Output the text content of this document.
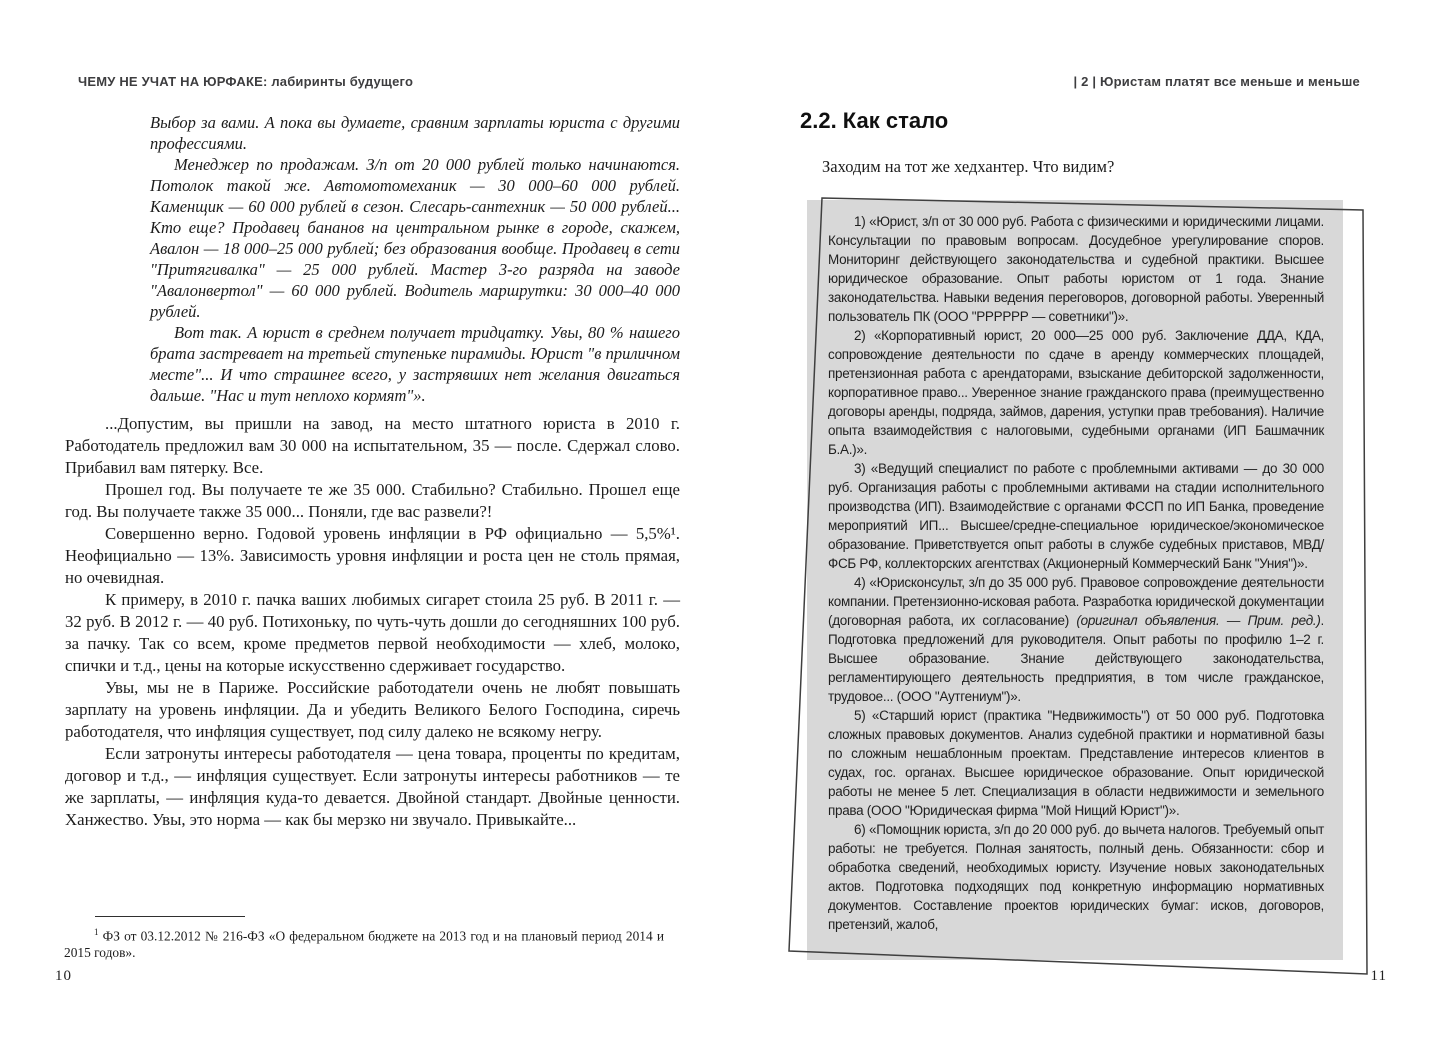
ЧЕМУ НЕ УЧАТ НА ЮРФАКЕ: лабиринты будущего

Выбор за вами. А пока вы думаете, сравним зарплаты юриста с другими профессиями.

Менеджер по продажам. З/п от 20 000 рублей только начинаются. Потолок такой же. Автомотомеханик — 30 000–60 000 рублей. Каменщик — 60 000 рублей в сезон. Слесарь-сантехник — 50 000 рублей... Кто еще? Продавец бананов на центральном рынке в городе, скажем, Авалон — 18 000–25 000 рублей; без образования вообще. Продавец в сети "Притягивалка" — 25 000 рублей. Мастер 3-го разряда на заводе "Авалонвертол" — 60 000 рублей. Водитель маршрутки: 30 000–40 000 рублей.

Вот так. А юрист в среднем получает тридцатку. Увы, 80 % нашего брата застревает на третьей ступеньке пирамиды. Юрист "в приличном месте"... И что страшнее всего, у застрявших нет желания двигаться дальше. "Нас и тут неплохо кормят"».

...Допустим, вы пришли на завод, на место штатного юриста в 2010 г. Работодатель предложил вам 30 000 на испытательном, 35 — после. Сдержал слово. Прибавил вам пятерку. Все.

Прошел год. Вы получаете те же 35 000. Стабильно? Стабильно. Прошел еще год. Вы получаете также 35 000... Поняли, где вас развели?!

Совершенно верно. Годовой уровень инфляции в РФ официально — 5,5%¹. Неофициально — 13%. Зависимость уровня инфляции и роста цен не столь прямая, но очевидная.

К примеру, в 2010 г. пачка ваших любимых сигарет стоила 25 руб. В 2011 г. — 32 руб. В 2012 г. — 40 руб. Потихоньку, по чуть-чуть дошли до сегодняшних 100 руб. за пачку. Так со всем, кроме предметов первой необходимости — хлеб, молоко, спички и т.д., цены на которые искусственно сдерживает государство.

Увы, мы не в Париже. Российские работодатели очень не любят повышать зарплату на уровень инфляции. Да и убедить Великого Белого Господина, сиречь работодателя, что инфляция существует, под силу далеко не всякому негру.

Если затронуты интересы работодателя — цена товара, проценты по кредитам, договор и т.д., — инфляция существует. Если затронуты интересы работников — те же зарплаты, — инфляция куда-то девается. Двойной стандарт. Двойные ценности. Ханжество. Увы, это норма — как бы мерзко ни звучало. Привыкайте...

$^1$ ФЗ от 03.12.2012 № 216-ФЗ «О федеральном бюджете на 2013 год и на плановый период 2014 и 2015 годов».
10
| 2 | Юристам платят все меньше и меньше
2.2. Как стало
Заходим на тот же хедхантер. Что видим?

1) «Юрист, з/п от 30 000 руб. Работа с физическими и юридическими лицами. Консультации по правовым вопросам. Досудебное урегулирование споров. Мониторинг действующего законодательства и судебной практики. Высшее юридическое образование. Опыт работы юристом от 1 года. Знание законодательства. Навыки ведения переговоров, договорной работы. Уверенный пользователь ПК (ООО "РРРРРР — советники")».

2) «Корпоративный юрист, 20 000—25 000 руб. Заключение ДДА, КДА, сопровождение деятельности по сдаче в аренду коммерческих площадей, претензионная работа с арендаторами, взыскание дебиторской задолженности, корпоративное право... Уверенное знание гражданского права (преимущественно договоры аренды, подряда, займов, дарения, уступки прав требования). Наличие опыта взаимодействия с налоговыми, судебными органами (ИП Башмачник Б.А.)».

3) «Ведущий специалист по работе с проблемными активами — до 30 000 руб. Организация работы с проблемными активами на стадии исполнительного производства (ИП). Взаимодействие с органами ФССП по ИП Банка, проведение мероприятий ИП... Высшее/средне-специальное юридическое/экономическое образование. Приветствуется опыт работы в службе судебных приставов, МВД/ФСБ РФ, коллекторских агентствах (Акционерный Коммерческий Банк "Уния")».

4) «Юрисконсульт, з/п до 35 000 руб. Правовое сопровождение деятельности компании. Претензионно-исковая работа. Разработка юридической документации (договорная работа, их согласование) (оригинал объявления. — Прим. ред.). Подготовка предложений для руководителя. Опыт работы по профилю 1–2 г. Высшее образование. Знание действующего законодательства, регламентирующего деятельность предприятия, в том числе гражданское, трудовое... (ООО "Аутгениум")».

5) «Старший юрист (практика "Недвижимость") от 50 000 руб. Подготовка сложных правовых документов. Анализ судебной практики и нормативной базы по сложным нешаблонным проектам. Представление интересов клиентов в судах, гос. органах. Высшее юридическое образование. Опыт юридической работы не менее 5 лет. Специализация в области недвижимости и земельного права (ООО "Юридическая фирма "Мой Нищий Юрист")».

6) «Помощник юриста, з/п до 20 000 руб. до вычета налогов. Требуемый опыт работы: не требуется. Полная занятость, полный день. Обязанности: сбор и обработка сведений, необходимых юристу. Изучение новых законодательных актов. Подготовка подходящих под конкретную информацию нормативных документов. Составление проектов юридических бумаг: исков, договоров, претензий, жалоб,

11
